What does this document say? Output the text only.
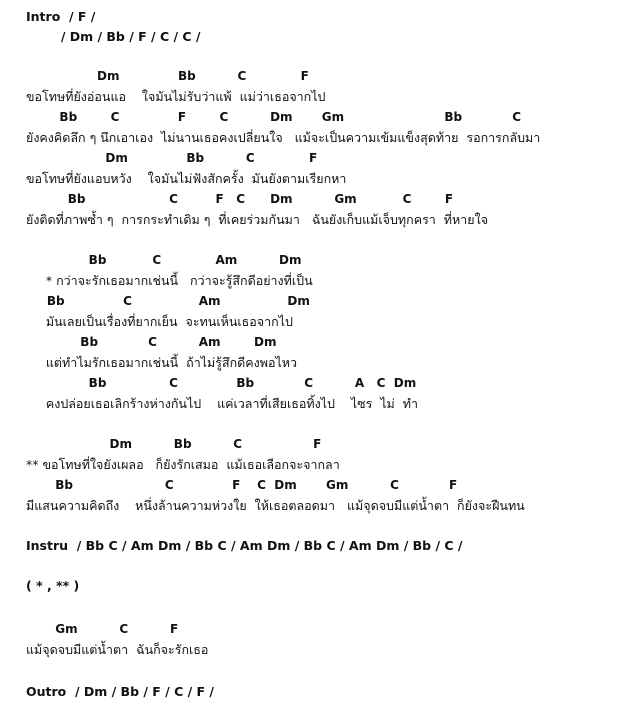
Intro  / F /
/ Dm / Bb / F / C / C /
Dm              Bb          C             F
ขอโทษที่ยังอ่อนแอ    ใจมันไม่รับว่าแพ้  แม่ว่าเธอจากไป
Bb        C              F        C          Dm       Gm                        Bb            C
ยังคงคิดลึก ๆ นึกเอาเอง  ไม่นานเธอคงเปลี่ยนใจ   แม้จะเป็นความเข้มแข็งสุดท้าย  รอการกลับมา
Dm              Bb          C             F
ขอโทษที่ยังแอบหวัง    ใจมันไม่ฟังสักครั้ง  มันยังตามเรียกหา
Bb                    C         F   C      Dm          Gm           C        F
ยังติดที่ภาพซ้ำ ๆ  การกระทำเดิม ๆ  ที่เคยร่วมกันมา   ฉันยังเก็บแม้เจ็บทุกครา  ที่หายใจ
Bb           C             Am          Dm
* กว่าจะรักเธอมากเช่นนี้   กว่าจะรู้สึกดีอย่างที่เป็น
Bb              C                Am                Dm
มันเลยเป็นเรื่องที่ยากเย็น  จะทนเห็นเธอจากไป
Bb            C          Am        Dm
แต่ทำไมรักเธอมากเช่นนี้  ถ้าไม่รู้สึกดีคงพอไหว
Bb               C              Bb            C          A   C  Dm
คงปล่อยเธอเลิกร้างห่างกันไป    แค่เวลาที่เสียเธอทิ้งไป    ไซร  ไม่  ทำ
Dm          Bb          C                 F
** ขอโทษที่ใจยังเผลอ   ก็ยังรักเสมอ  แม้เธอเลือกจะจากลา
Bb                      C              F    C  Dm       Gm          C            F
มีแสนความคิดถึง    หนึ่งล้านความห่วงใย  ให้เธอตลอดมา   แม้จุดจบมีแต่น้ำตา  ก็ยังจะฝืนทน
Instru  / Bb C / Am Dm / Bb C / Am Dm / Bb C / Am Dm / Bb / C /
( * , ** )
Gm          C          F
แม้จุดจบมีแต่น้ำตา  ฉันก็จะรักเธอ
Outro  / Dm / Bb / F / C / F /
